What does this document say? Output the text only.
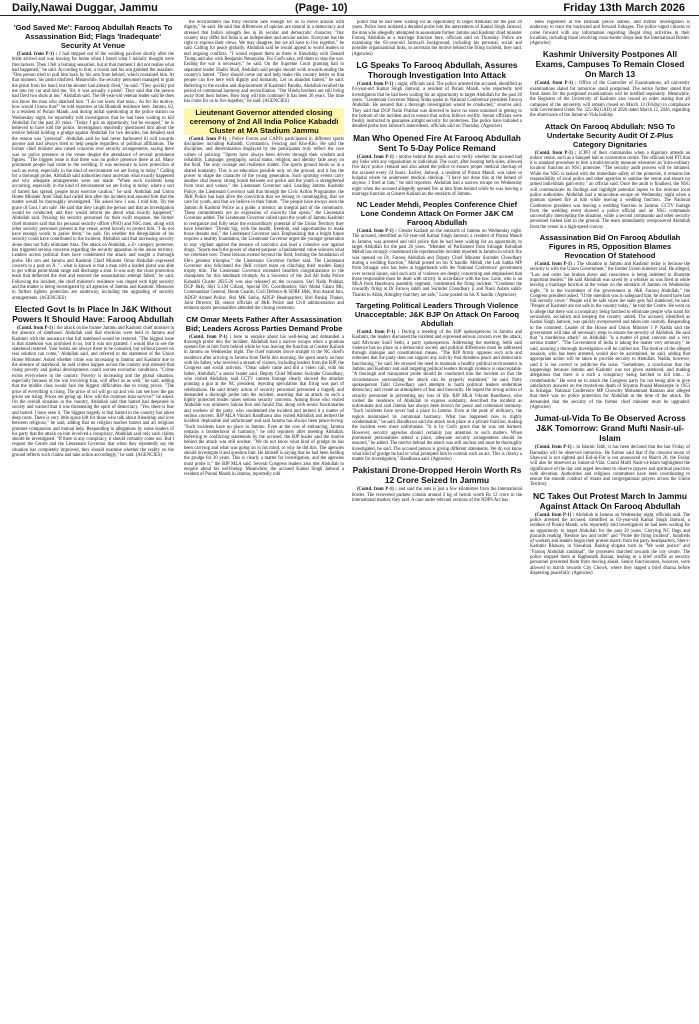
Daily,Nawai Duggar, Jammu	(Page- 10)	Friday 13th March 2026
'God Saved Me': Farooq Abdullah Reacts To Assassination Bid; Flags 'Inadequate' Security At Venue

(Contd. from P-1) : I had stepped out of the wedding pavilion shortly after the bride arrived and was leaving for home when I heard what I initially thought were firecrackers. Then I felt a burning sensation, but at that moment I did not realise what had happened," he said. According to him, a cousin and his son grabbed the assailant. "One person tried to pull him back by his arm from behind, which contained him. At that moment, his pistol misfired. Meanwhile, the security personnel managed to grab the pistol from his hand, but the shooter had already fired," he said. "They quickly put me into my car and told me, 'Sir, it was actually a pistol'. They said that the person had fired two shots at me," Abdullah said. The 88-year-old veteran leader said he does not know the man who attacked him. "I do not know that man... As for his motive, how would I know that?" he told reporters at his Bhatindi residence here. Jammu, 63, is a resident of Purani Mandi, and during initial questioning at the police station on Wednesday night, he reportedly told investigators that he had been waiting to kill Abdullah for the past 20 years. "Today I got an opportunity, but he escaped," he is believed to have told the police. Investigators reportedly questioned him about the motive behind holding a grudge against Abdullah for two decades, but detailed said the reason was "personal". Abdullah said he had never harboured ill will towards anyone and had always tried to help people regardless of political affiliations. The former chief minister also raised concerns over security arrangements, saying there was no police presence at the venue despite the attendance of several prominent figures. "The biggest issue is that there was no police presence there at all. Many prominent people had come to the wedding. It was necessary to have protection at such an event, especially in the kind of environment we are living in today." Calling for a thorough probe, Abdullah said authorities must ascertain what exactly happened and why adequate arrangements were not made. "When such incidents keep occurring, especially in the kind of environment we are living in today, where a sort of hatred has spread, people must exercise caution," he said. Abdullah and Union Home Minister Amit Shah had called him after the incident and assured him that the matter would be thoroughly investigated. "He asked how I was. I told him, 'By the grace of God, I am safe'. He said that they caught the person and that an investigation would be conducted, and they would inform me about what exactly happened," Abdullah said. Praising his security personnel for their swift response, the former chief minister said that his personal security officer (PSO) and NSG men, along with other security personnel present at the venue, acted bravely to protect him. "I do not have enough words to praise them," he said. On whether the deregulation of his security could have contributed to the incident, Abdullah said that increasing security alone does not fully eliminate risks. The attack on Abdullah, a Z+ category protectee, has triggered serious concerns regarding the security apparatus in the union territory. Leaders across political lines have condemned the attack and sought a thorough probe. His son and Jammu and Kashmir Chief Minister Omar Abdullah expressed concern in a post on X. "...what is known is that a man with a loaded pistol was able to get within point-blank range and discharge a shot. It was only the close protection team that deflected the shot and ensured the assassination attempt failed," he said. Following the incident, the chief minister's residence was ringed with tight security and the matter is being investigated by all agencies of Jammu and Kashmir. Measures to further tighten protection are underway, including the upgrading of security arrangements. (AGENCIES)

Elected Govt Is In Place In J&K Without Powers It Should Have: Farooq Abdullah

(Contd. from P-1) : the attack on the former Jammu and Kashmir chief minister in the absence of statehood. Abdullah said that elections were held in Jammu and Kashmir with the assurance that full statehood would be restored. "The biggest issue is that statehood was promised to us, but it was not granted. I would like to see the statehood restored. Your hearts are always there to be consoled, but without power no real solution can come," Abdullah said, and referred to the statement of the Union Home Minister. Asked whether crime was increasing in Jammu and Kashmir due to the absence of statehood, he said crimes happen across the country and stressed that rising poverty and global developments could worsen economic conditions. "Crime exists everywhere in the country. Poverty is increasing and the global situation, especially because of the war involving Iran, will affect us as well," he said, adding that the middle class would face the biggest difficulties due to rising prices. "The price of everything is rising. The price of oil will go up and you can see how the gas prices are rising. Prices are going up. How will the common man survive?" he asked. On the overall situation in the country, Abdullah said that hatred had deepened in society and warned that it was threatening the spirit of democracy. "Yes, there is fear and hatred. I have seen it. The biggest tragedy is that hatred in the country has taken deep roots. There is very little space left for those who talk about friendship and love between religions," he said, adding that no religion teaches hatred and all religions promote compassion and mutual help. Responding to allegations by some leaders of his party that the attack on him involved a conspiracy, Abdullah said only such claims should be investigated. "If there is any conspiracy, it should certainly come out. But I request the Centre and the Lieutenant Governor that when they repeatedly say the situation has completely improved, they should examine whether the reality on the ground reflects such claims and take action accordingly," he said. (AGENCIES)

the environment has truly become safe enough for us to move around with dignity," he said. He said that differences of opinion are natural in a democracy and stressed that India's strength lies in its secular and democratic character. "Our country may differ but India is an independent and secular nation. Everyone has the right to express their views. We may disagree, but we all have to live together," he said. Calling for peace globally, Abdullah said he would appeal to world leaders to end ongoing conflicts. "I would request them as there is friendship with Donald Trump and also with Benjamin Netanyahu. For God's sake, tell them to stop the war. Ending the war is necessary," he said. On the Supreme Court granting bail to separatist leader Shabir Shah, Abdullah said people should work towards ending the country's hatred. "They should come out and help make this country better so that people can live here with dignity and humanity. Let us abandon hatred," he said. Referring to the exodus and displacement of Kashmiri Pandits, Abdullah recalled the period of communal harmony and reconciliation. "Our Hindu brothers are still living away from their homes. How long will this continue? It has been 36 years. The time has come for us to live together," he said. (AGENCIES)

Lieutenant Governor attended closing ceremony of 2nd All India Police Kabaddi Cluster at MA Stadium Jammu

(Contd. from P-1) : Police Forces and CAPFs participated in different sports disciplines including Kabaddi, Gymnastics, Fencing and Kho-Kho. He said the discipline, and determination displayed by the participants truly reflect the core values of policing. "Sports have always been drivers through their wisdom and reliability. Language, geography, social status, religion, and identity fade away on the field. The only courage and resilience matter. The sports ground binds us in a shared humanity. This is an education possible only on the ground, and it has the power to shape the character of the young generation. Such sporting events carry another vital lesson: strong bonds between our police and the youth is strengthened from trust and values," the Lieutenant Governor said. Leading Jammu Kashmir Police, the Lieutenant Governor said that through the Civic Action Programme, the J&K Police has kept alive the conviction that we belong to commingling, that we care for youth, and that we believe in their future. "The people have always seen the Jammu & Kashmir Police as a guide, a mentor, an integral part of the community. These commitments are an expression of sincerity that opens," the Lieutenant Governor added. The Lieutenant Governor called upon the youth of Jammu Kashmir to reorganize and fully seize the extraordinary potential of the Union Territory they have inherited. "Dream big, with the health, freedom, and opportunities to make those dreams real," the Lieutenant Governor said. Emphasizing that a bright future requires a healthy foundation, the Lieutenant Governor urged the younger generation to stay vigilant against the menace of narcotics and lead a cohesive war against drugs. "Sports teach the power of shared purpose: a fundamental value sciences what we celebrate now. These lessons extend beyond the field, forming the foundation of life's greatest triumphs," the Lieutenant Governor further said. The Lieutenant Governor also felicitated the J&K cricket team on clinching their maiden Ranji trophy title. The Lieutenant Governor extended heartfelt congratulations to the champions for this landmark triumph. As a Souvenir of the 2nd All India Police Kabaddi Cluster 2025-26 was also released on the occasion. Shri Nalin Prabhat, DGP J&K; Shri S.J.M Gillani, Special DG Coordination; Shri Abdul Ghani Mir, Commandant General, Home Guards, Civil Defence & SDRF J&K; Shri Anand Jain, ADGP Armed Police; Shri MK Sinha, ADGP Headquarters; Shri Pankaj Thakur, Joint Director, IB, senior officials of J&K Police and Civil administration and eminent sports personalities attended the closing ceremony.

CM Omar Meets Father After Assassination Bid; Leaders Across Parties Demand Probe

(Contd. from P-1) : here to enquire about his well-being and demanded a thorough probe into the incident. Abdullah had a narrow escape when a gunman opened fire at him from behind while he was leaving the function at Greater Kailash in Jammu on Wednesday night. The chief minister drove straight to the NC chief's residence after arriving in Jammu from Delhi this morning. He spent nearly an hour with his father, who received a stream of visitors, including leaders from the BJP, the Congress and social activists. "Omar saheb came and did a video call, with his father, Abdullah," a senior leader said. Deputy Chief Minister Surinder Choudhary, who visited Abdullah, said CCTV camera footage clearly showed the attacker pointing a gun at the NC president, rejecting speculation that firing was part of celebrations. He said timely action of security personnel prevented a tragedy and demanded a thorough probe into the incident, asserting that an attack on such a highly protected leader raises serious security concerns. Among those who visited Abdullah was ministers Sakina Itoo and Javaid Dar, along with senior functionaries and workers of the party, who condemned the incident and termed it a matter of serious concern. BJP MLA Vikram Randhawa also visited Abdullah and termed the incident 'deplorable and unfortunate' and said Jammu has always been peace-loving. "Such incidents have no place in Jammu. Even at the cost of embracing, Jammu remains a brotherhood of harmony," he told reporters after meeting Abdullah. Referring to conflicting statements by the accused, the BJP leader said the motive behind the attack was still unclear. "We do not know what kind of grudge he has been carrying and what was going on in his mind, or why he did this. The agencies should investigate it and question him. He himself is saying that he had been holding the grudge for 20 years. This is clearly a matter for investigation, and the agencies must probe it," the BJP MLA said. Several Congress leaders also met Abdullah to enquire about his well-being. Meanwhile, the accused Kamal Singh Jamwal a resident of Purani Mandi in Jammu, reportedly told

police that he had been waiting for an opportunity to target Abdullah for the past 20 years. Police have initiated a detailed probe into the antecedents of Kamal Singh Jamwal, the man who allegedly attempted to assassinate former Jammu and Kashmir chief minister Farooq Abdullah at a marriage function here, officials said on Thursday. Police are examining the 63-year-old Jamwal's background, including his personal, social and possible organisational links, to ascertain the motive behind the firing incident, they said. (Agencies)

LG Speaks To Farooq Abdullah, Assures Thorough Investigation Into Attack

(Contd. from P-1) : night, officials said. The police arrested the accused, identified as 63-year-old Kamal Singh Jamwal, a resident of Purani Mandi, who reportedly told investigators that he had been waiting for an opportunity to target Abdullah for the past 20 years. "Lieutenant Governor Manoj Sinha spoke to National Conference president Farooq Abdullah. He assured that a thorough investigation would be conducted," sources said. They said that DGP Nalin Prabhat was directed to leave no stone unturned in getting to the bottom of the incident and to ensure that action follows swiftly. Senior officials were freshly instructed to guarantee airtight security for protectees. The police have initiated a detailed probe into Jamwal's antecedents, officials said on Thursday. (Agencies)

Man Who Opened Fire At Farooq Abdullah Sent To 5-Day Police Remand

(Contd. from P-1) : motive behind the attack and to verify whether the accused had any links with any organisation or individual. The court, after hearing both sides, allowed five days' police remand and also asked the police to ensure proper medical checkup of the accused every 24 hours. Earlier, Jamwal, a resident of Purani Mandi, was taken to hospital where he underwent medical checkup. "I have not done this at the behest of anyone. I fired at him," he told reporters. Abdullah had a narrow escape on Wednesday night when the accused allegedly opened fire at him from behind while he was leaving a marriage function at Greater Kailash on the outskirts of Jammu.

NC Leader Mehdi, Peoples Conference Chief Lone Condemn Attack On Former J&K CM Farooq Abdullah

(Contd. from P-1) : Greater Kailash on the outskirts of Jammu on Wednesday night. The accused, identified as 63-year-old Kamal Singh Jamwal, a resident of Purani Mandi in Jammu, was arrested and told police that he had been waiting for an opportunity to target Abdullah for the past 20 years. "Member of Parliament from Srinagar Ruhullah Mehdi has strongly condemned the reprehensible incident reported in Jammu in which fire was opened on Dr. Farooq Abdullah and Deputy Chief Minister Surinder Choudhary during a wedding function," Mehdi posted on his X handle. Mehdi, the Lok Sabha MP from Srinagar who has been at loggerheads with the National Conference' government over several issues, said such acts of violence are deeply concerning and emphasised that those responsible must be dealt with strictly in accordance with the law. Lone, who is an MLA from Handwara assembly segment, condemned the firing incident. "Condemn the cowardly firing at Dr Farooq sahib and Surinder Choudhary ji and Nasir Aslam sahib. Thanks to Allah, Almighty that they are safe," Lone posted on his X handle. (Agencies)

Targeting Political Leaders Through Violence Unacceptable: J&K BJP On Attack On Farooq Abdullah

(Contd. from P-1) : During a meeting of the BJP spokespersons in Jammu and Kashmir, the leaders discussed the incident and expressed serious concern over the attack, said Advocate Sunil Sethi, a party spokesperson. Addressing the meeting, Sethi said violence has no place in a democratic society and political differences must be addressed through dialogue and constitutional means. "The BJP firmly opposes such acts and reiterates that the party does not support any activity that threatens peace and democratic functioning," he said. He stressed the need to maintain a healthy political environment in Jammu and Kashmir and said targeting political leaders through violence is unacceptable. "A thorough and transparent probe should be conducted into the incident so that the circumstances surrounding the attack can be properly examined," he said. Party spokesperson Tahir Chowdhary said attempts to harm political leaders undermine democracy and create an atmosphere of fear and insecurity. He hoped the strong action of security personnel in preventing any loss of life. BJP MLA Vikram Randhawa, who visited the residence of Abdullah to express solidarity, described the incident as unfortunate and said Jammu has always been known for peace and communal harmony. "Such incidents have never had a place in Jammu. Even at the peak of militancy, the region maintained its communal harmony. What has happened now is highly condemnable," he said. Randhawa said the attack took place at a private function, making the incident even more unfortunate. "It is by God's grace that he was not harmed. However, security agencies should certainly pay attention to such matters. When prominent personalities attend a place, adequate security arrangements should be ensured," he added. The motive behind the attack was still unclear and must be thoroughly investigated, he said. The accused person is giving different statements. We do not know what kind of grudge he had or what prompted him to commit such an act. This is clearly a matter for investigation," Randhawa said. (Agencies)

Pakistani Drone-Dropped Heroin Worth Rs 12 Crore Seized In Jammu

(Contd. from P-1) : and said the area is just a few kilometres from the International border. The recovered packets contain around 2 kg of heroin worth Rs 12 crore in the international market, they said. A case under relevant sections of the NDPS Act has

been registered at the Bishnah police station, and further investigation is underway to trace the backward and forward linkages. The police urged citizens to come forward with any information regarding illegal drug activities in their localities, including those involving cross-border drops near the International Border. (Agencies)

Kashmir University Postpones All Exams, Campuses To Remain Closed On March 13

(Contd. from P-1) : Office of the Controller of Examinations, all university examinations slated for tomorrow stand postponed. The notice further stated that fresh dates for the postponed examinations will be notified separately. Meanwhile, the Registrar of the University of Kashmir also issued an order stating that all campuses of the university will remain closed on March 13 (Friday) in compliance with Government Order No. 325-JK(GAD) of 2026 dated March 12, 2026, regarding the observance of the Jumat-ul-Vida holiday.

Attack On Farooq Abdullah: NSG To Undertake Security Audit Of Z-Plus Category Dignitaries

(Contd. from P-1) : (CPF) of their commandos when a dignitary attends an indoor venue, such as a banquet hall or convention centre. The officials told PTI that it is standard procedure to hire a multi-security measure whenever an 'intra-ordinary location' function an NSG protectee. "The security audit process will be initiated. While the NSG is tasked with the immediate safety of the protectee, it remains the responsibility of local police and other agencies to sanitise the venue and ensure no armed individuals gain entry," an official said. Once the audit is finalised, the NSG will communicate its findings and highlight potential lapses to the relevant local police authorities. Abdullah had a miraculous escape on Wednesday night when a gunman opened fire at him while leaving a wedding function. The National Conference president was leaving a wedding function in Jammu. CCTV footage from the wedding event showed a police official and an NSG commando successfully intercepting the situation, while a second commando and other security personnel rushed him to the ground. The team immediately overpowered Abdullah from the venue in a high-speed convoy.

Assassination Bid On Farooq Abdullah Figures in RS, Opposition Blames Revocation Of Statehood

(Contd. from P-1) : The situation in Jammu and Kashmir today is because the security is with the Union Government," the former Union minister said. He alleged, "Law and order has broken down and conscience is being indebted to illustrate important leaders." He said Abdullah was saved by a whisker as was fired at while leaving a marriage function at the venue on the outskirts of Jammu on Wednesday night. "It is the incumbent of the government in J&K Farooq Abdullah," the Congress president asked. "If the intention was to safeguard him, he should have had full security cover." People will be safe when the state gets full statehood, he said. "People of Kashmir are not safe in the country today," he told the Centre. He went on to allege that there was a conspiracy being hatched to eliminate people who stand for secularism, socialism and keeping the country united. The accused, identified as Kamal Singh Jamwal, was quickly overpowered and taken into custody. Responding to the comment, Leader of the House and Union Minister J P Nadda said the government will take all necessary steps to ensure the security of Abdullah. He said that "a murderous attack" on Abdullah "is a matter of great concern and a very serious matter". "The Government of India is taking the matter very seriously," he said, assuring a thorough investigation will be carried out. The motive of the alleged assassin, who has been arrested, would also be ascertained, he said, adding that appropriate action will be taken to provide security to Abdullah. Nadda, however, said it is not correct to politicise the issue. "Sometimes, a conclusion that the happenings because Jammu and Kashmir was not given statehood, and making allegations that there is a such a conspiracy being hatched to kill him... is condemnable." He went on to attack the Congress party for not being able to give satisfactory answers on the mysterious death of Shyama Prasad Mookerjee in 1953 in Srinagar. National Conference MP Chowdry Mohammad Ramzan also alleged that there was no police protection for Abdullah at the time of the attack. He demanded that the security of the former chief minister must be upgraded. (Agencies)

Jumat-ul-Vida To Be Observed Across J&K Tomorrow: Grand Mufti Nasir-ul-Islam

(Contd. from P-1) : in Islamic faith, it has been declared that the last Friday of Ramadan will be observed tomorrow. He further said that if the crescent moon of Shawwal is not sighted and Eid-ul-Fitr is not announced on March 20, the Friday will also be observed as Jumat-ul-Vida. Grand Mufti Nasir-ul-Islam highlighted the significance of the day and urged devotees to observe prayers and spiritual practices with devotion. Authorities and religious committees have been coordinating to ensure the smooth conduct of rituals and congregational prayers across the Union Territory.

NC Takes Out Protest March In Jammu Against Attack On Farooq Abdullah

(Contd. from P-1) : Abdullah in Jammu on Wednesday night, officials said. The police arrested the accused, identified as 63-year-old Kamal Singh Jamwal, a resident of Purani Mandi, who reportedly told investigators he had been waiting for an opportunity to target Abdullah for the past 20 years. Carrying NC flags and placards reading "Restore law and order" and "Probe the firing incident", hundreds of workers and leaders began their protest march from the party headquarters, Sher-i-Kashmir Bhawan, in Nawabad. Raising slogans such as "We want justice" and "Farooq Abdullah zindabad", the protesters marched towards the city centre. The police stopped them at Raghunath Bazaar, leading to a brief scuffle as security personnel prevented them from moving ahead. Senior functionaries, however, were allowed to march towards City Chowk, where they staged a brief dharna before dispersing peacefully. (Agencies)
